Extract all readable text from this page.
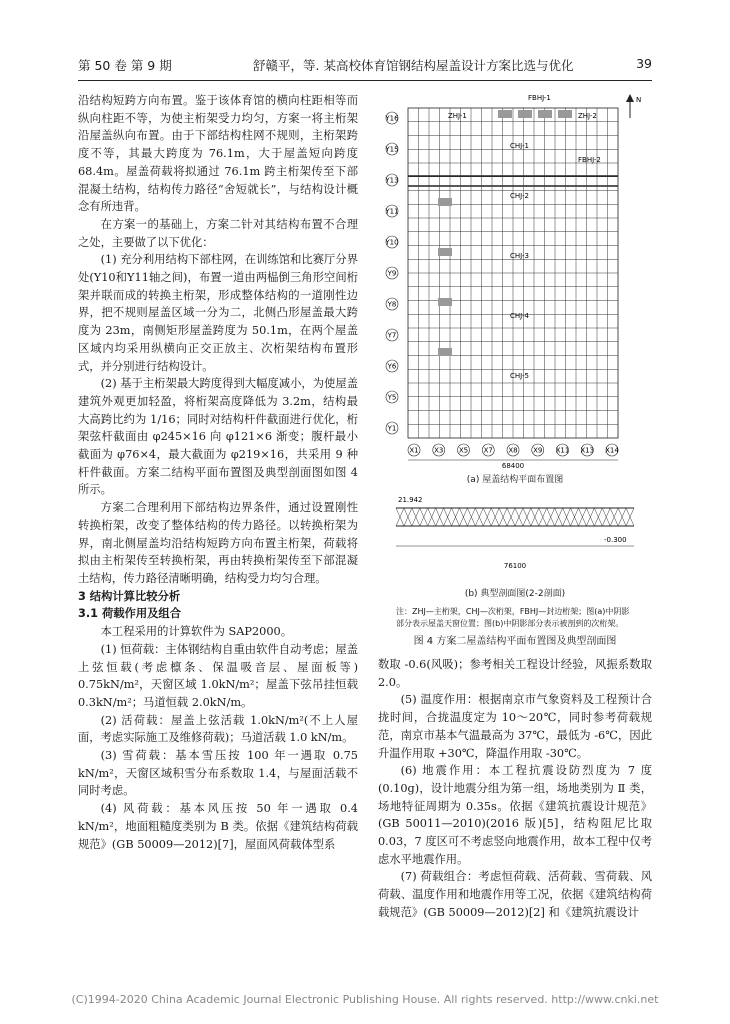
第 50 卷 第 9 期	舒赣平，等. 某高校体育馆钢结构屋盖设计方案比选与优化	39

沿结构短跨方向布置。鉴于该体育馆的横向柱距相等而纵向柱距不等，为使主桁架受力均匀，方案一将主桁架沿屋盖纵向布置。由于下部结构柱网不规则，主桁架跨度不等，其最大跨度为 76.1m，大于屋盖短向跨度 68.4m。屋盖荷载将拟通过 76.1m 跨主桁架传至下部混凝土结构，结构传力路径“舍短就长”，与结构设计概念有所违背。

在方案一的基础上，方案二针对其结构布置不合理之处，主要做了以下优化：

(1) 充分利用结构下部柱网，在训练馆和比赛厅分界处(Y10和Y11轴之间)，布置一道由两榀倒三角形空间桁架并联而成的转换主桁架，形成整体结构的一道刚性边界，把不规则屋盖区域一分为二，北侧凸形屋盖最大跨度为 23m，南侧矩形屋盖跨度为 50.1m，在两个屋盖区域内均采用纵横向正交正放主、次桁架结构布置形式，并分别进行结构设计。

(2) 基于主桁架最大跨度得到大幅度减小，为使屋盖建筑外观更加轻盈，将桁架高度降低为 3.2m，结构最大高跨比约为 1/16；同时对结构杆件截面进行优化，桁架弦杆截面由 φ245×16 向 φ121×6 渐变；腹杆最小截面为 φ76×4，最大截面为 φ219×16，共采用 9 种杆件截面。方案二结构平面布置图及典型剖面图如图 4 所示。

方案二合理利用下部结构边界条件，通过设置刚性转换桁架，改变了整体结构的传力路径。以转换桁架为界，南北侧屋盖均沿结构短跨方向布置主桁架，荷载将拟由主桁架传至转换桁架，再由转换桁架传至下部混凝土结构，传力路径清晰明确，结构受力均匀合理。

3 结构计算比较分析

3.1 荷载作用及组合

本工程采用的计算软件为 SAP2000。

(1) 恒荷载：主体钢结构自重由软件自动考虑；屋盖上弦恒载(考虑檩条、保温吸音层、屋面板等) 0.75kN/m²，天窗区域 1.0kN/m²；屋盖下弦吊挂恒载 0.3kN/m²；马道恒载 2.0kN/m。

(2) 活荷载：屋盖上弦活载 1.0kN/m²(不上人屋面，考虑实际施工及维修荷载)；马道活载 1.0 kN/m。

(3) 雪荷载：基本雪压按 100 年一遇取 0.75 kN/m²，天窗区域积雪分布系数取 1.4，与屋面活载不同时考虑。

(4) 风荷载：基本风压按 50 年一遇取 0.4 kN/m²，地面粗糙度类别为 B 类。依据《建筑结构荷载规范》(GB 50009—2012)[7]，屋面风荷载体型系

ZHJ-1	ZHJ-2
CHJ-1
CHJ-2
CHJ-3
CHJ-4
CHJ-5
FBHJ-1
FBHJ-2
Y16
Y15
Y13
Y11
Y10
Y9
Y8
Y7
Y6
Y5
Y1
X1 X3 X5 X7 X8 X9 X11 X13 X14
68400
N
21.942
-0.300
76100
(a) 屋盖结构平面布置图
(b) 典型剖面图(2-2剖面)
注：ZHJ—主桁架，CHJ—次桁架，FBHJ—封边桁架；图(a)中阴影部分表示屋盖天窗位置；图(b)中阴影部分表示被剖到的次桁架。
图 4 方案二屋盖结构平面布置图及典型剖面图

数取 -0.6(风吸)；参考相关工程设计经验，风振系数取 2.0。

(5) 温度作用：根据南京市气象资料及工程预计合拢时间，合拢温度定为 10～20℃，同时参考荷载规范，南京市基本气温最高为 37℃，最低为 -6℃，因此升温作用取 +30℃，降温作用取 -30℃。

(6) 地震作用：本工程抗震设防烈度为 7 度(0.10g)，设计地震分组为第一组，场地类别为 Ⅱ 类，场地特征周期为 0.35s。依据《建筑抗震设计规范》(GB 50011—2010)(2016 版)[5]，结构阻尼比取 0.03，7 度区可不考虑竖向地震作用，故本工程中仅考虑水平地震作用。

(7) 荷载组合：考虑恒荷载、活荷载、雪荷载、风荷载、温度作用和地震作用等工况，依据《建筑结构荷载规范》(GB 50009—2012)[2] 和《建筑抗震设计

(C)1994-2020 China Academic Journal Electronic Publishing House. All rights reserved. http://www.cnki.net
